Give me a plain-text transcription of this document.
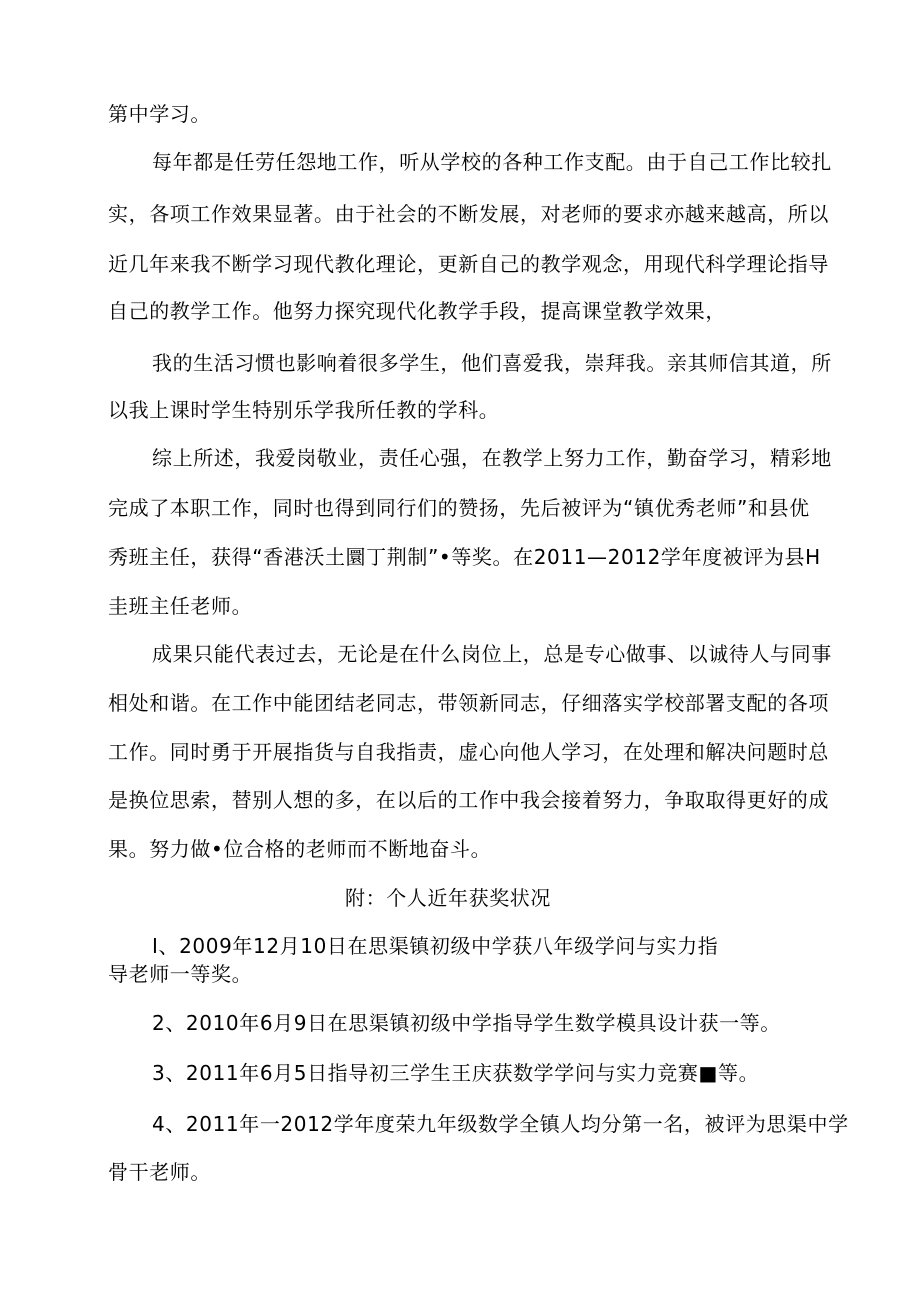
第中学习。
每年都是任劳任怨地工作，听从学校的各种工作支配。由于自己工作比较扎
实，各项工作效果显著。由于社会的不断发展，对老师的要求亦越来越高，所以
近几年来我不断学习现代教化理论，更新自己的教学观念，用现代科学理论指导
自己的教学工作。他努力探究现代化教学手段，提高课堂教学效果，
我的生活习惯也影响着很多学生，他们喜爱我，崇拜我。亲其师信其道，所
以我上课时学生特别乐学我所任教的学科。
综上所述，我爱岗敬业，责任心强，在教学上努力工作，勤奋学习，精彩地
完成了本职工作，同时也得到同行们的赞扬，先后被评为“镇优秀老师”和县优
秀班主任，获得“香港沃土圜丁荆制”•等奖。在2011—2012学年度被评为县H
圭班主任老师。
成果只能代表过去，无论是在什么岗位上，总是专心做事、以诚待人与同事
相处和谐。在工作中能团结老同志，带领新同志，仔细落实学校部署支配的各项
工作。同时勇于开展指货与自我指责，虚心向他人学习，在处理和解决问题时总
是换位思索，替别人想的多，在以后的工作中我会接着努力，争取取得更好的成
果。努力做•位合格的老师而不断地奋斗。
附：个人近年获奖状况
I、2009年12月10日在思渠镇初级中学获八年级学问与实力指
导老师一等奖。
2、2010年6月9日在思渠镇初级中学指导学生数学模具设计获一等。
3、2011年6月5日指导初三学生王庆获数学学问与实力竞赛■等。
4、2011年一2012学年度荣九年级数学全镇人均分第一名，被评为思渠中学
骨干老师。
